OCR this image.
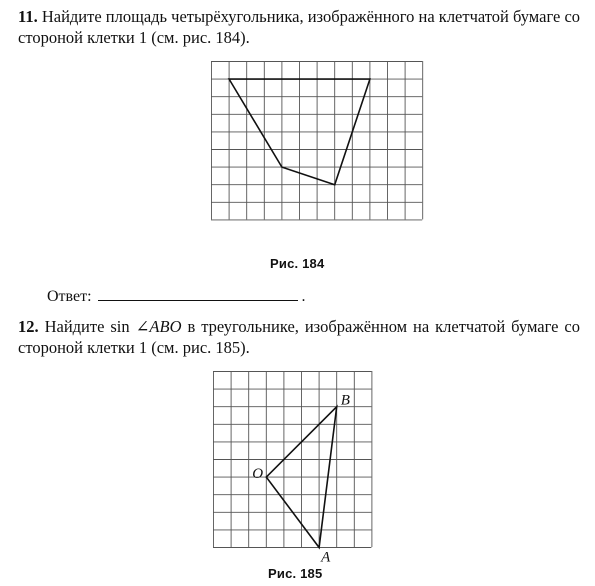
11. Найдите площадь четырёхугольника, изображённого на клетчатой бумаге со стороной клетки 1 (см. рис. 184).

Рис. 184
Ответ:	.

12. Найдите sin ∠ABO в треугольнике, изображённом на клетчатой бумаге со стороной клетки 1 (см. рис. 185).

B
O
A
Рис. 185
